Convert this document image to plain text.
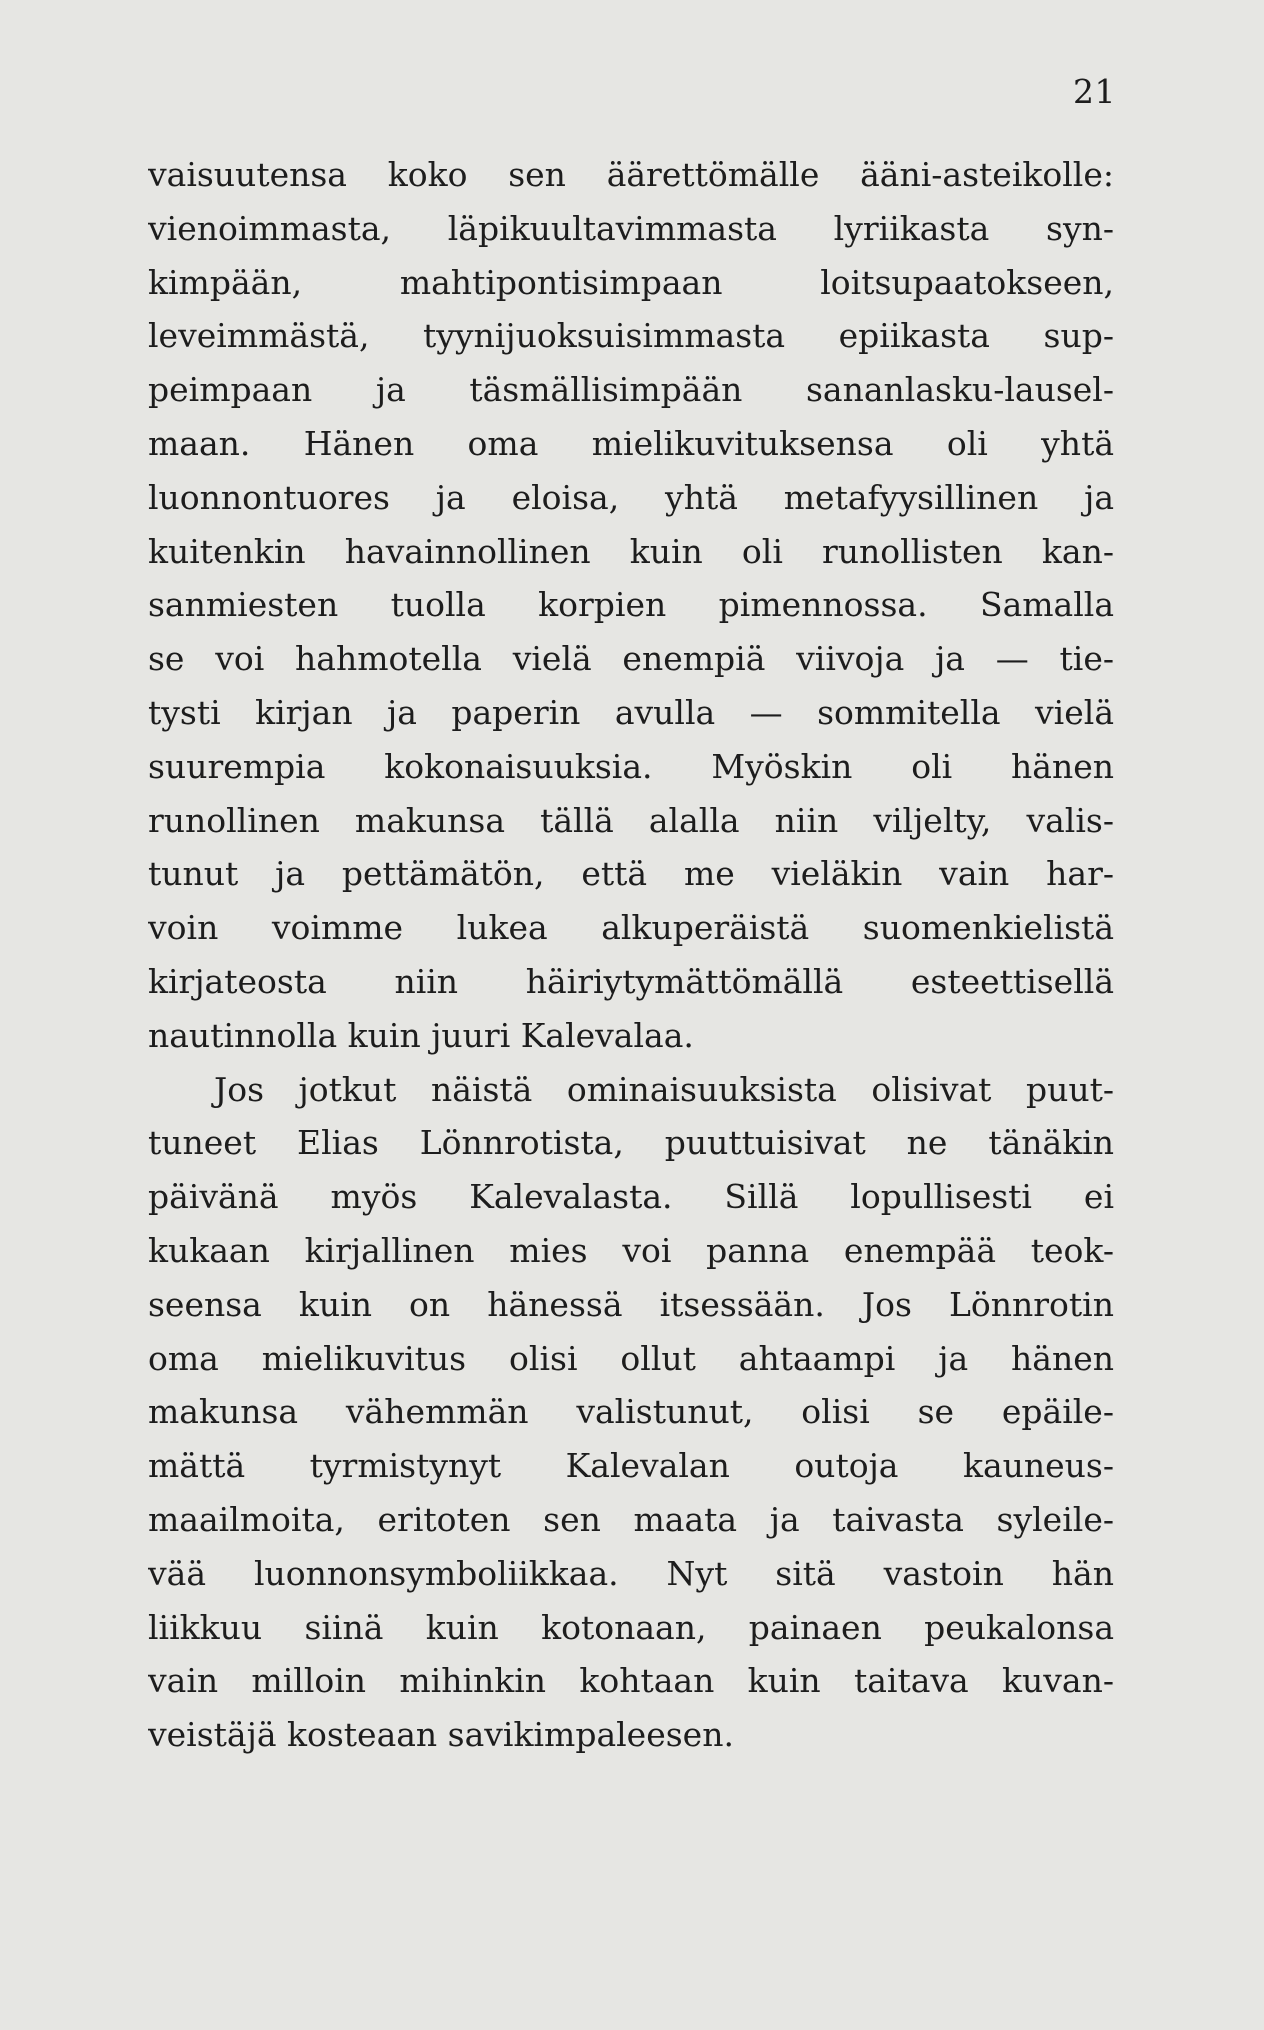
21
vaisuutensa koko sen äärettömälle ääni-asteikolle:
vienoimmasta, läpikuultavimmasta lyriikasta syn-
kimpään, mahtipontisimpaan loitsupaatokseen,
leveimmästä, tyynijuoksuisimmasta epiikasta sup-
peimpaan ja täsmällisimpään sananlasku-lausel-
maan. Hänen oma mielikuvituksensa oli yhtä
luonnontuores ja eloisa, yhtä metafyysillinen ja
kuitenkin havainnollinen kuin oli runollisten kan-
sanmiesten tuolla korpien pimennossa. Samalla
se voi hahmotella vielä enempiä viivoja ja — tie-
tysti kirjan ja paperin avulla — sommitella vielä
suurempia kokonaisuuksia. Myöskin oli hänen
runollinen makunsa tällä alalla niin viljelty, valis-
tunut ja pettämätön, että me vieläkin vain har-
voin voimme lukea alkuperäistä suomenkielistä
kirjateosta niin häiriytymättömällä esteettisellä
nautinnolla kuin juuri Kalevalaa.
Jos jotkut näistä ominaisuuksista olisivat puut-
tuneet Elias Lönnrotista, puuttuisivat ne tänäkin
päivänä myös Kalevalasta. Sillä lopullisesti ei
kukaan kirjallinen mies voi panna enempää teok-
seensa kuin on hänessä itsessään. Jos Lönnrotin
oma mielikuvitus olisi ollut ahtaampi ja hänen
makunsa vähemmän valistunut, olisi se epäile-
mättä tyrmistynyt Kalevalan outoja kauneus-
maailmoita, eritoten sen maata ja taivasta syleile-
vää luonnonsymboliikkaa. Nyt sitä vastoin hän
liikkuu siinä kuin kotonaan, painaen peukalonsa
vain milloin mihinkin kohtaan kuin taitava kuvan-
veistäjä kosteaan savikimpaleesen.
